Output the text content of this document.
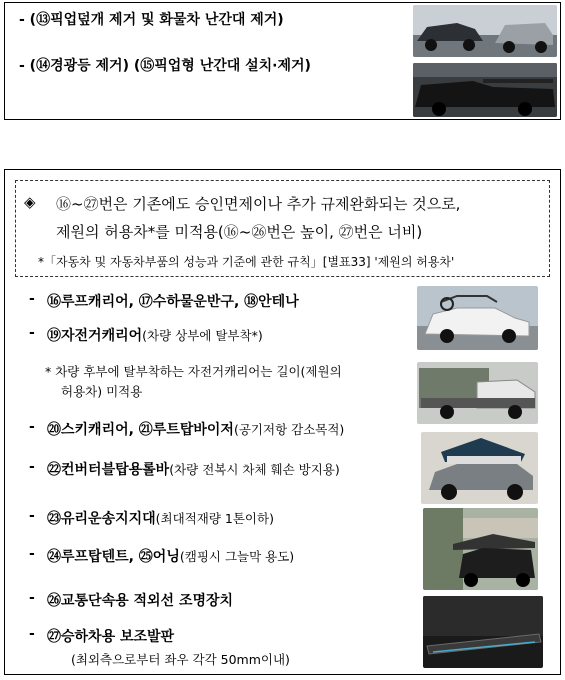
- (⑬픽업덮개 제거 및 화물차 난간대 제거)
- (⑭경광등 제거) (⑮픽업형 난간대 설치·제거)
◈ ⑯~㉗번은 기존에도 승인면제이나 추가 규제완화되는 것으로,
제원의 허용차*를 미적용(⑯~㉖번은 높이, ㉗번은 너비)
*「자동차 및 자동차부품의 성능과 기준에 관한 규칙」[별표33] '제원의 허용차'
- ⑯루프캐리어, ⑰수하물운반구, ⑱안테나
- ⑲자전거캐리어(차량 상부에 탈부착*)
* 차량 후부에 탈부착하는 자전거캐리어는 길이(제원의
허용차) 미적용
- ⑳스키캐리어, ㉑루트탑바이저(공기저항 감소목적)
- ㉒컨버터블탑용롤바(차량 전복시 차체 훼손 방지용)
- ㉓유리운송지지대(최대적재량 1톤이하)
- ㉔루프탑텐트, ㉕어닝(캠핑시 그늘막 용도)
- ㉖교통단속용 적외선 조명장치
- ㉗승하차용 보조발판
(최외측으로부터 좌우 각각 50mm이내)
